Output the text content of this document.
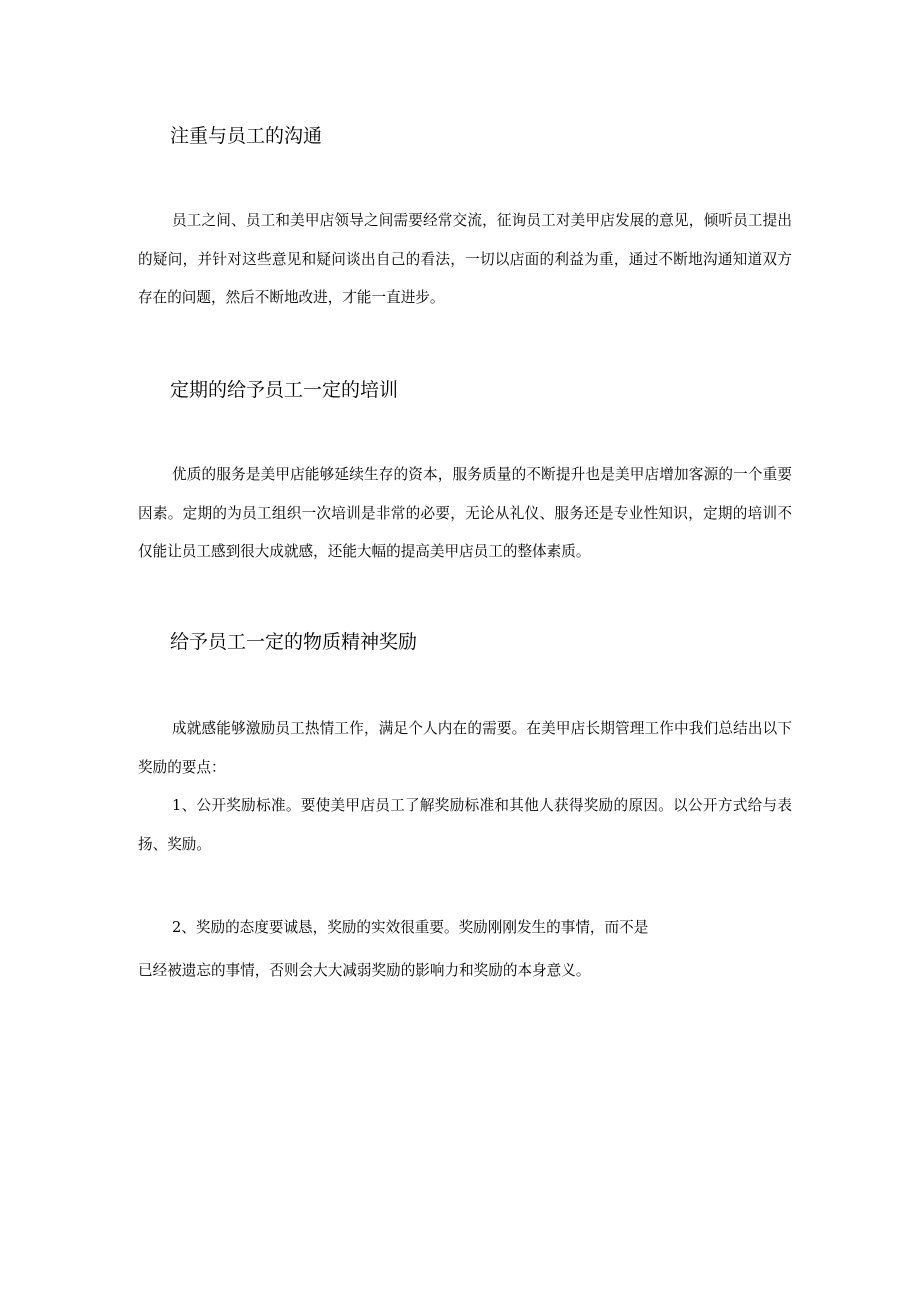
注重与员工的沟通

员工之间、员工和美甲店领导之间需要经常交流，征询员工对美甲店发展的意见，倾听员工提出的疑问，并针对这些意见和疑问谈出自己的看法，一切以店面的利益为重，通过不断地沟通知道双方存在的问题，然后不断地改进，才能一直进步。

定期的给予员工一定的培训

优质的服务是美甲店能够延续生存的资本，服务质量的不断提升也是美甲店增加客源的一个重要因素。定期的为员工组织一次培训是非常的必要，无论从礼仪、服务还是专业性知识，定期的培训不仅能让员工感到很大成就感，还能大幅的提高美甲店员工的整体素质。

给予员工一定的物质精神奖励

成就感能够激励员工热情工作，满足个人内在的需要。在美甲店长期管理工作中我们总结出以下奖励的要点：

1、公开奖励标准。要使美甲店员工了解奖励标准和其他人获得奖励的原因。以公开方式给与表扬、奖励。

2、奖励的态度要诚恳，奖励的实效很重要。奖励刚刚发生的事情，而不是
已经被遗忘的事情，否则会大大减弱奖励的影响力和奖励的本身意义。
